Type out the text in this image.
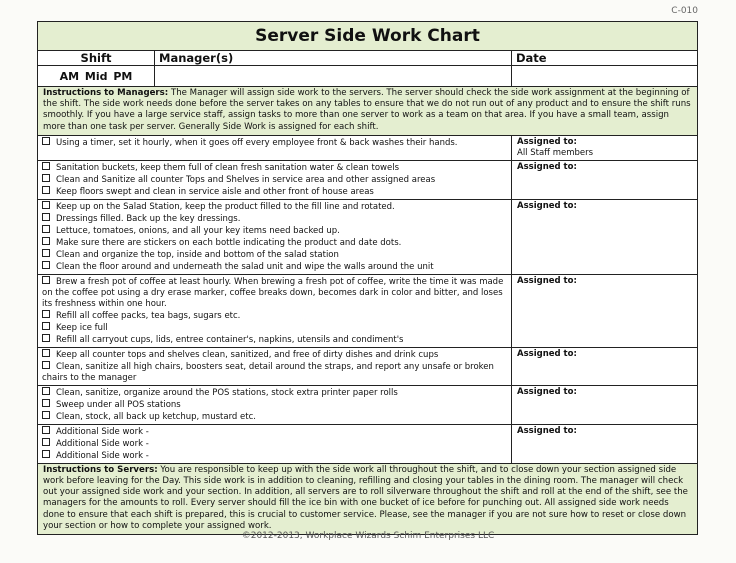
C-010
Server Side Work Chart
Shift	Manager(s)	Date
AM Mid PM
Instructions to Managers: The Manager will assign side work to the servers. The server should check the side work assignment at the beginning of the shift. The side work needs done before the server takes on any tables to ensure that we do not run out of any product and to ensure the shift runs smoothly. If you have a large service staff, assign tasks to more than one server to work as a team on that area. If you have a small team, assign more than one task per server. Generally Side Work is assigned for each shift.
Using a timer, set it hourly, when it goes off every employee front & back washes their hands.	Assigned to:
All Staff members
Sanitation buckets, keep them full of clean fresh sanitation water & clean towels
Clean and Sanitize all counter Tops and Shelves in service area and other assigned areas
Keep floors swept and clean in service aisle and other front of house areas
Assigned to:
Keep up on the Salad Station, keep the product filled to the fill line and rotated.
Dressings filled. Back up the key dressings.
Lettuce, tomatoes, onions, and all your key items need backed up.
Make sure there are stickers on each bottle indicating the product and date dots.
Clean and organize the top, inside and bottom of the salad station
Clean the floor around and underneath the salad unit and wipe the walls around the unit
Assigned to:
Brew a fresh pot of coffee at least hourly. When brewing a fresh pot of coffee, write the time it was made on the coffee pot using a dry erase marker, coffee breaks down, becomes dark in color and bitter, and loses its freshness within one hour.
Refill all coffee packs, tea bags, sugars etc.
Keep ice full
Refill all carryout cups, lids, entree container's, napkins, utensils and condiment's
Assigned to:
Keep all counter tops and shelves clean, sanitized, and free of dirty dishes and drink cups
Clean, sanitize all high chairs, boosters seat, detail around the straps, and report any unsafe or broken chairs to the manager
Assigned to:
Clean, sanitize, organize around the POS stations, stock extra printer paper rolls
Sweep under all POS stations
Clean, stock, all back up ketchup, mustard etc.
Assigned to:
Additional Side work -
Additional Side work -
Additional Side work -
Assigned to:
Instructions to Servers: You are responsible to keep up with the side work all throughout the shift, and to close down your section assigned side work before leaving for the Day. This side work is in addition to cleaning, refilling and closing your tables in the dining room. The manager will check out your assigned side work and your section. In addition, all servers are to roll silverware throughout the shift and roll at the end of the shift, see the managers for the amounts to roll. Every server should fill the ice bin with one bucket of ice before for punching out. All assigned side work needs done to ensure that each shift is prepared, this is crucial to customer service. Please, see the manager if you are not sure how to reset or close down your section or how to complete your assigned work.
©2012-2013, Workplace Wizards Schim Enterprises LLC
